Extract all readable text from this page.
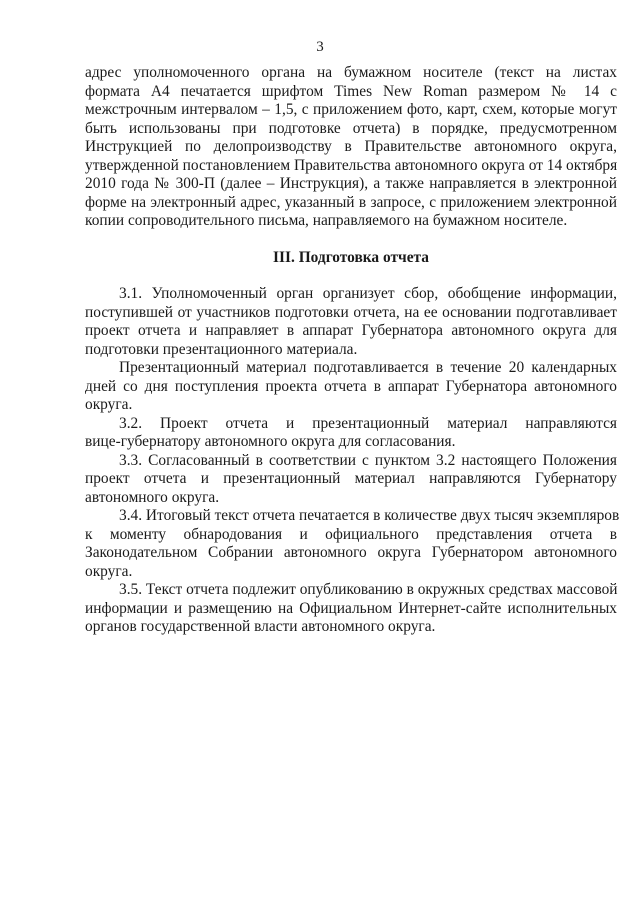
3
адрес уполномоченного органа на бумажном носителе (текст на листах
формата А4 печатается шрифтом Times New Roman размером № 14 с
межстрочным интервалом – 1,5, с приложением фото, карт, схем, которые могут
быть использованы при подготовке отчета) в порядке, предусмотренном
Инструкцией по делопроизводству в Правительстве автономного округа,
утвержденной постановлением Правительства автономного округа от 14 октября
2010 года № 300-П (далее – Инструкция), а также направляется в электронной
форме на электронный адрес, указанный в запросе, с приложением электронной
копии сопроводительного письма, направляемого на бумажном носителе.
III. Подготовка отчета
3.1. Уполномоченный орган организует сбор, обобщение информации,
поступившей от участников подготовки отчета, на ее основании подготавливает
проект отчета и направляет в аппарат Губернатора автономного округа для
подготовки презентационного материала.
Презентационный материал подготавливается в течение 20 календарных
дней со дня поступления проекта отчета в аппарат Губернатора автономного
округа.
3.2. Проект отчета и презентационный материал направляются
вице-губернатору автономного округа для согласования.
3.3. Согласованный в соответствии с пунктом 3.2 настоящего Положения
проект отчета и презентационный материал направляются Губернатору
автономного округа.
3.4. Итоговый текст отчета печатается в количестве двух тысяч экземпляров
к моменту обнародования и официального представления отчета в
Законодательном Собрании автономного округа Губернатором автономного
округа.
3.5. Текст отчета подлежит опубликованию в окружных средствах массовой
информации и размещению на Официальном Интернет-сайте исполнительных
органов государственной власти автономного округа.
